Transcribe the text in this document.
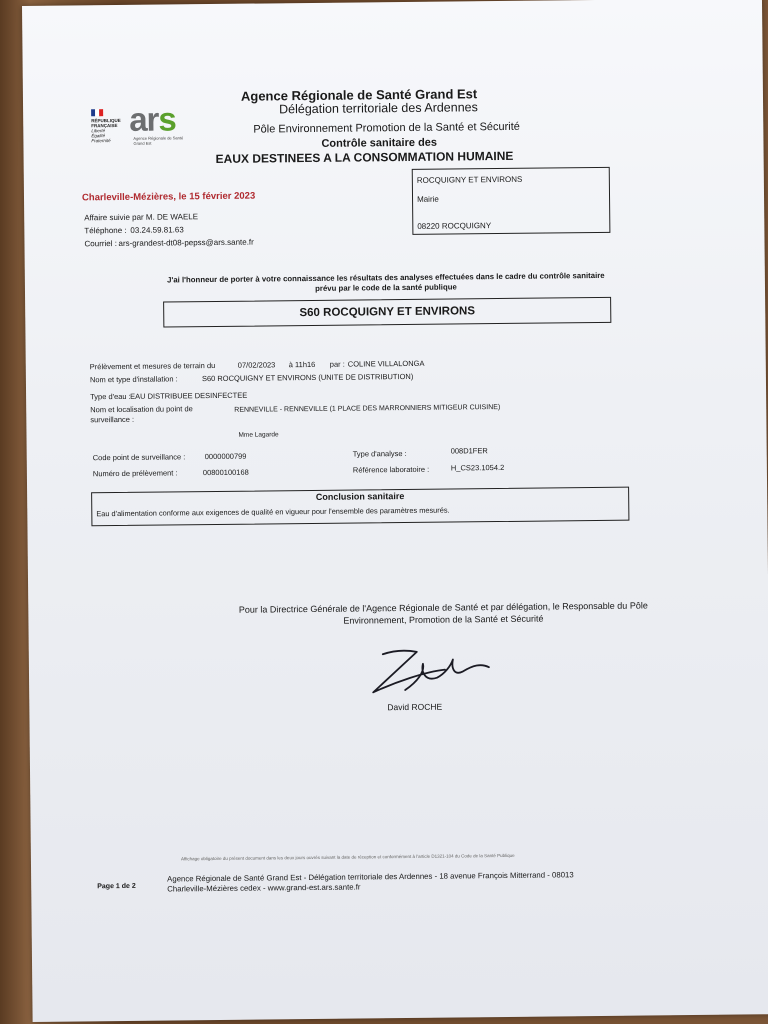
RÉPUBLIQUE
FRANÇAISE
Liberté
Égalité
Fraternité
ars
Agence Régionale de Santé
Grand Est
Agence Régionale de Santé Grand Est
Délégation territoriale des Ardennes
Pôle Environnement Promotion de la Santé et Sécurité
Contrôle sanitaire des
EAUX DESTINEES A LA CONSOMMATION HUMAINE
Charleville-Mézières, le 15 février 2023
Affaire suivie par M. DE WAELE
Téléphone : 03.24.59.81.63
Courriel : ars-grandest-dt08-pepss@ars.sante.fr
ROCQUIGNY ET ENVIRONS
Mairie
08220 ROCQUIGNY
J'ai l'honneur de porter à votre connaissance les résultats des analyses effectuées dans le cadre du contrôle sanitaire prévu par le code de la santé publique
S60 ROCQUIGNY ET ENVIRONS
Prélèvement et mesures de terrain du	07/02/2023 à 11h16 par : COLINE VILLALONGA
Nom et type d'installation :	S60 ROCQUIGNY ET ENVIRONS (UNITE DE DISTRIBUTION)
Type d'eau : EAU DISTRIBUEE DESINFECTEE
Nom et localisation du point de
surveillance :
RENNEVILLE - RENNEVILLE (1 PLACE DES MARRONNIERS MITIGEUR CUISINE)
Mme Lagarde
Code point de surveillance :	0000000799
Numéro de prélèvement :	00800100168
Type d'analyse :	008D1FER
Référence laboratoire :	H_CS23.1054.2
Conclusion sanitaire
Eau d'alimentation conforme aux exigences de qualité en vigueur pour l'ensemble des paramètres mesurés.
Pour la Directrice Générale de l'Agence Régionale de Santé et par délégation, le Responsable du Pôle Environnement, Promotion de la Santé et Sécurité
David ROCHE
Affichage obligatoire du présent document dans les deux jours ouvrés suivant la date de réception et conformément à l'article D1321-104 du Code de la Santé Publique
Page 1 de 2
Agence Régionale de Santé Grand Est - Délégation territoriale des Ardennes - 18 avenue François Mitterrand - 08013
Charleville-Mézières cedex - www.grand-est.ars.sante.fr
